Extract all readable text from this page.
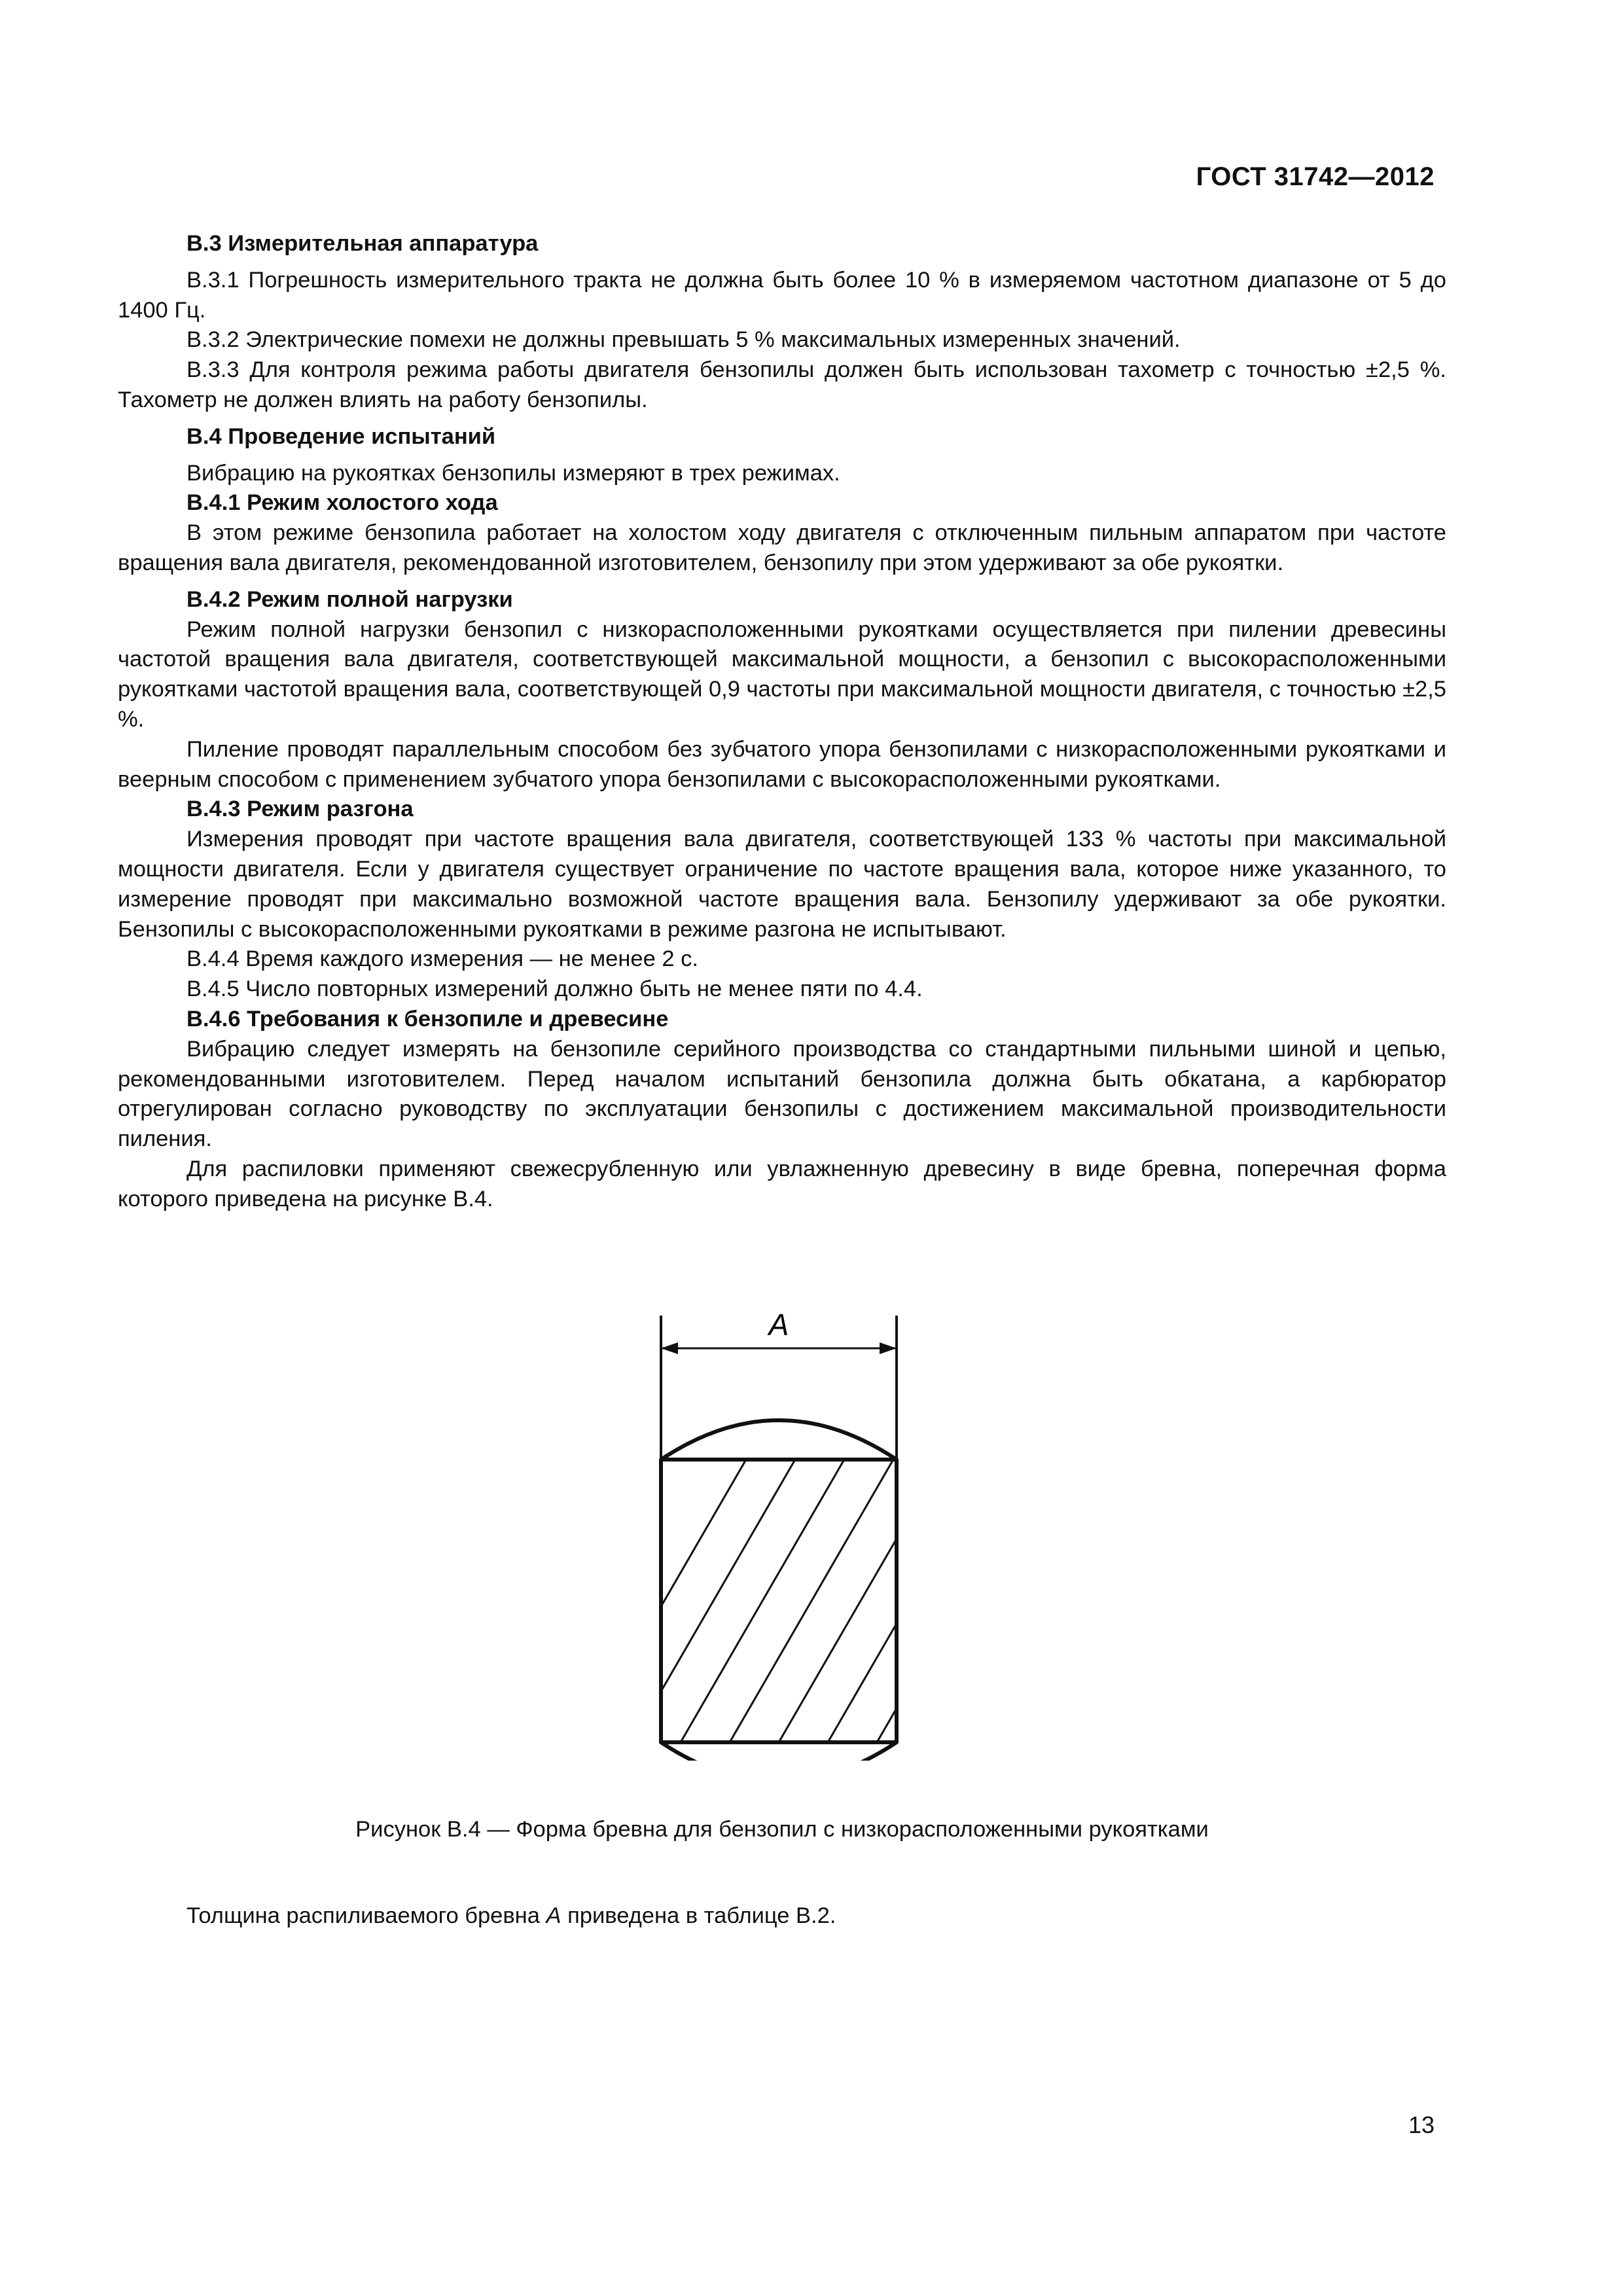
ГОСТ 31742—2012

В.3 Измерительная аппаратура

В.3.1 Погрешность измерительного тракта не должна быть более 10 % в измеряемом частотном диапазоне от 5 до 1400 Гц.

В.3.2 Электрические помехи не должны превышать 5 % максимальных измеренных значений.

В.3.3 Для контроля режима работы двигателя бензопилы должен быть использован тахометр с точностью ±2,5 %. Тахометр не должен влиять на работу бензопилы.

В.4 Проведение испытаний

Вибрацию на рукоятках бензопилы измеряют в трех режимах.

В.4.1 Режим холостого хода

В этом режиме бензопила работает на холостом ходу двигателя с отключенным пильным аппаратом при частоте вращения вала двигателя, рекомендованной изготовителем, бензопилу при этом удерживают за обе рукоятки.

В.4.2 Режим полной нагрузки

Режим полной нагрузки бензопил с низкорасположенными рукоятками осуществляется при пилении древесины частотой вращения вала двигателя, соответствующей максимальной мощности, а бензопил с высокорасположенными рукоятками частотой вращения вала, соответствующей 0,9 частоты при максимальной мощности двигателя, с точностью ±2,5 %.

Пиление проводят параллельным способом без зубчатого упора бензопилами с низкорасположенными рукоятками и веерным способом с применением зубчатого упора бензопилами с высокорасположенными рукоятками.

В.4.3 Режим разгона

Измерения проводят при частоте вращения вала двигателя, соответствующей 133 % частоты при максимальной мощности двигателя. Если у двигателя существует ограничение по частоте вращения вала, которое ниже указанного, то измерение проводят при максимально возможной частоте вращения вала. Бензопилу удерживают за обе рукоятки. Бензопилы с высокорасположенными рукоятками в режиме разгона не испытывают.

В.4.4 Время каждого измерения — не менее 2 с.

В.4.5 Число повторных измерений должно быть не менее пяти по 4.4.

В.4.6 Требования к бензопиле и древесине

Вибрацию следует измерять на бензопиле серийного производства со стандартными пильными шиной и цепью, рекомендованными изготовителем. Перед началом испытаний бензопила должна быть обкатана, а карбюратор отрегулирован согласно руководству по эксплуатации бензопилы с достижением максимальной производительности пиления.

Для распиловки применяют свежесрубленную или увлажненную древесину в виде бревна, поперечная форма которого приведена на рисунке В.4.

A
Рисунок В.4 — Форма бревна для бензопил с низкорасположенными рукоятками
Толщина распиливаемого бревна A приведена в таблице В.2.
13
